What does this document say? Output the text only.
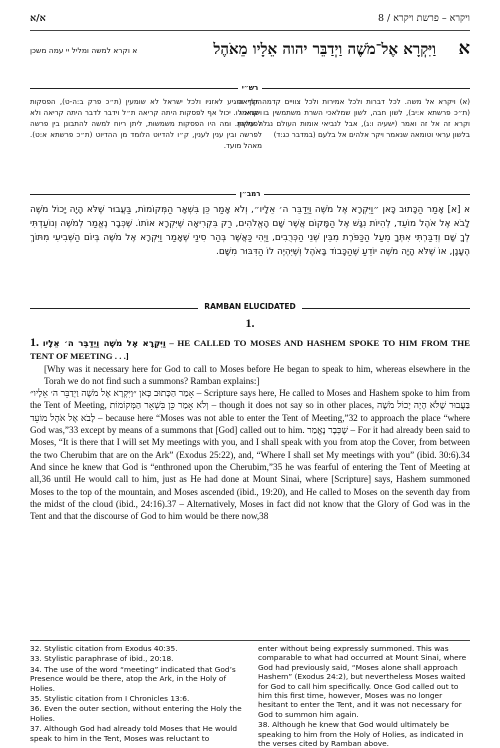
א/א	ויקרא – פרשת ויקרא / 8
א
וַיִּקְרָא אֶל־מֹשֶׁה וַיְדַבֵּר יהוה אֵלָיו מֵאֹהֶל
א וקרא למשה ומליל יי עמה משכן
רש״י
(א) ויקרא אל משה. לכל דברות ולכל אמירות ולכל צוויים קדמה קריאה (ת״כ פרשתא א:יב), לשון חבה, לשון שמלאכי השרת משתמשין בו שנאמר וקרא זה אל זה ואמר (ישעיה ו:ג), אבל לנביאי אומות העולם נגלה עליהן בלשון עראי וטומאה שנאמר ויקר אלהים אל בלעם (במדבר כג:ד)
הולך ומגיע לאזניו ולכל ישראל לא שומעין (ת״כ פרק ב:ה-ט), הפסקות ויקרא לו. יכול אף לפסקות היתה קריאה ת״ל וידבר לדבר היתה קריאה ולא לפסקות. ומה היו הפסקות משמשות, ליתן ריוח למשה להתבונן בין פרשה לפרשה ובין ענין לענין, ק״ו להדיוט הלומד מן ההדיוט (ת״כ פרשתא א:ט). מאהל מועד.
רמב״ן
א [א] אָמַר הַכָּתוּב כָּאן ״וַיִּקְרָא אֶל מֹשֶׁה וַיְדַבֵּר ה׳ אֵלָיו״, וְלֹא אָמַר כֵּן בִּשְׁאָר הַמְּקוֹמוֹת, בַּעֲבוּר שֶׁלֹּא הָיָה יָכוֹל מֹשֶׁה לָבֹא אֶל אֹהֶל מוֹעֵד, לְהִיוֹת נִגָּשׁ אֶל הַמָּקוֹם אֲשֶׁר שָׁם הָאֱלֹהִים, רַק בִּקְרִיאָה שֶׁיִּקְרָא אוֹתוֹ. שֶׁכְּבָר נֶאֱמַר לְמֹשֶׁה וְנוֹעַדְתִּי לְךָ שָׁם וְדִבַּרְתִּי אִתְּךָ מֵעַל הַכַּפֹּרֶת מִבֵּין שְׁנֵי הַכְּרֻבִים, וַיְהִי כַּאֲשֶׁר בְּהַר סִינַי שֶׁאָמַר וַיִּקְרָא אֶל מֹשֶׁה בְּיוֹם הַשְּׁבִיעִי מִתּוֹךְ הֶעָנָן, אוֹ שֶׁלֹּא הָיָה מֹשֶׁה יוֹדֵעַ שֶׁהַכָּבוֹד בָּאֹהֶל וְשֶׁיִּהְיֶה לוֹ הַדִּבּוּר מִשָּׁם.
RAMBAN ELUCIDATED
1.

1. וַיִּקְרָא אֶל מֹשֶׁה וַיְדַבֵּר ה׳ אֵלָיו – HE CALLED TO MOSES AND HASHEM SPOKE TO HIM FROM THE TENT OF MEETING . . .]

[Why was it necessary here for God to call to Moses before He began to speak to him, whereas elsewhere in the Torah we do not find such a summons? Ramban explains:]

אָמַר הַכָּתוּב כָּאן ״וַיִּקְרָא אֶל מֹשֶׁה וַיְדַבֵּר ה׳ אֵלָיו״ – Scripture says here, He called to Moses and Hashem spoke to him from the Tent of Meeting, וְלֹא אָמַר כֵּן בִּשְׁאָר הַמְּקוֹמוֹת – though it does not say so in other places, בַּעֲבוּר שֶׁלֹּא הָיָה יָכוֹל מֹשֶׁה לָבֹא אֶל אֹהֶל מוֹעֵד – because here “Moses was not able to enter the Tent of Meeting,”32 to approach the place “where God was,”33 except by means of a summons that [God] called out to him. שֶׁכְּבָר נֶאֱמַר – For it had already been said to Moses, “It is there that I will set My meetings with you, and I shall speak with you from atop the Cover, from between the two Cherubim that are on the Ark” (Exodus 25:22), and, “Where I shall set My meetings with you” (ibid. 30:6).34 And since he knew that God is “enthroned upon the Cherubim,”35 he was fearful of entering the Tent of Meeting at all,36 until He would call to him, just as He had done at Mount Sinai, where [Scripture] says, Hashem summoned Moses to the top of the mountain, and Moses ascended (ibid., 19:20), and He called to Moses on the seventh day from the midst of the cloud (ibid., 24:16).37 – Alternatively, Moses in fact did not know that the Glory of God was in the Tent and that the discourse of God to him would be there now,38

32. Stylistic citation from Exodus 40:35.

33. Stylistic paraphrase of ibid., 20:18.

34. The use of the word “meeting” indicated that God’s Presence would be there, atop the Ark, in the Holy of Holies.

35. Stylistic citation from I Chronicles 13:6.

36. Even the outer section, without entering the Holy the Holies.

37. Although God had already told Moses that He would speak to him in the Tent, Moses was reluctant to

enter without being expressly summoned. This was comparable to what had occurred at Mount Sinai, where God had previously said, “Moses alone shall approach Hashem” (Exodus 24:2), but nevertheless Moses waited for God to call him specifically. Once God called out to him this first time, however, Moses was no longer hesitant to enter the Tent, and it was not necessary for God to summon him again.

38. Although he knew that God would ultimately be speaking to him from the Holy of Holies, as indicated in the verses cited by Ramban above.
